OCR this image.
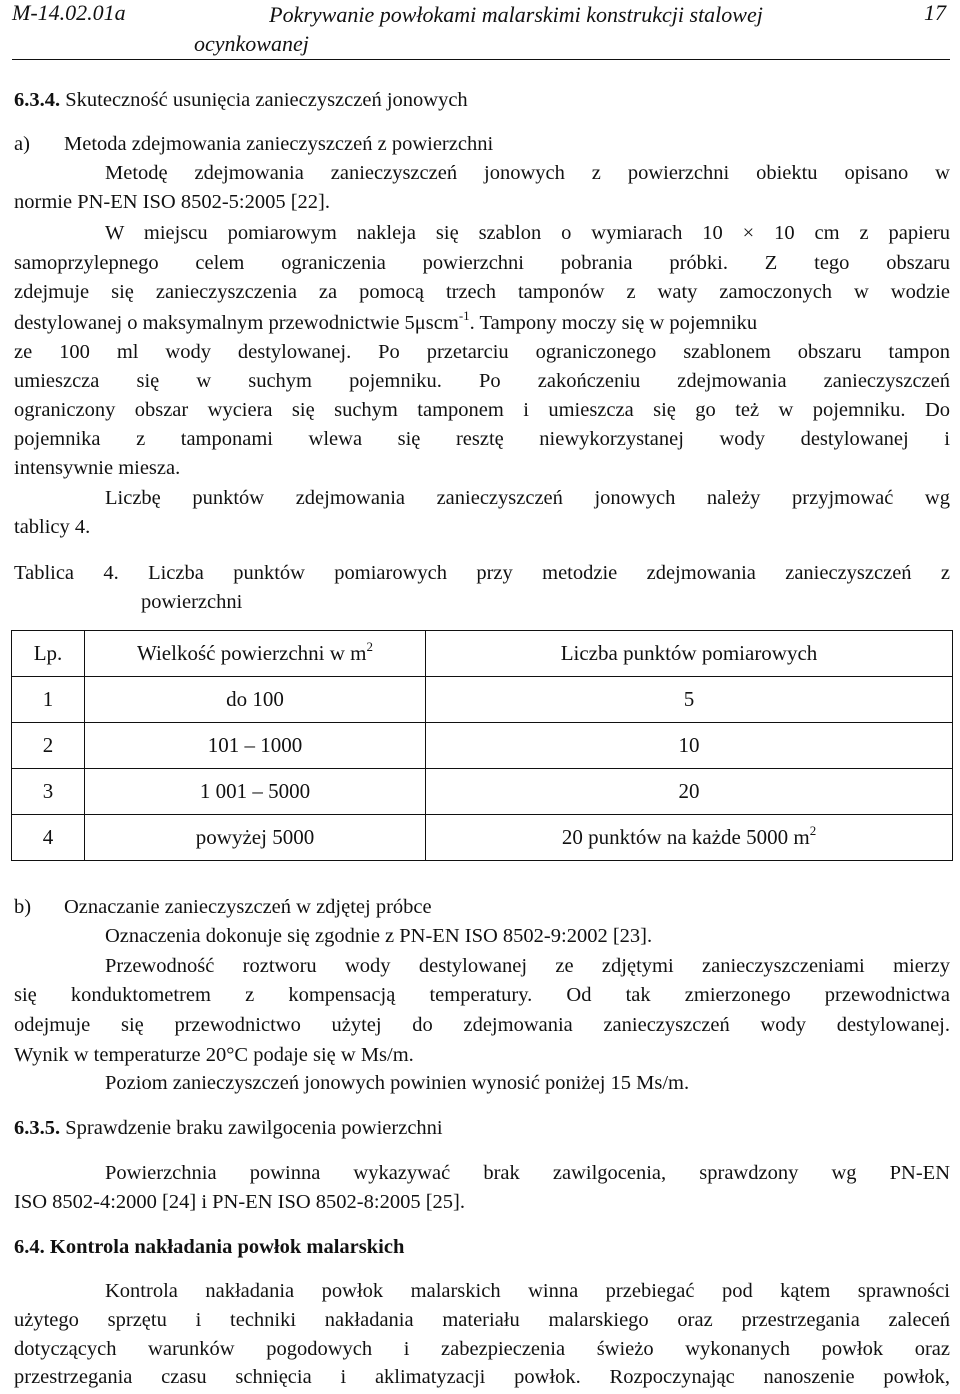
M-14.02.01a	Pokrywanie powłokami malarskimi konstrukcji stalowej
ocynkowanej
17
6.3.4. Skuteczność usunięcia zanieczyszczeń jonowych
a) Metoda zdejmowania zanieczyszczeń z powierzchni
Metodę zdejmowania zanieczyszczeń jonowych z powierzchni obiektu opisano w
normie PN-EN ISO 8502-5:2005 [22].
W miejscu pomiarowym nakleja się szablon o wymiarach 10 × 10 cm z papieru
samoprzylepnego celem ograniczenia powierzchni pobrania próbki. Z tego obszaru
zdejmuje się zanieczyszczenia za pomocą trzech tamponów z waty zamoczonych w wodzie
destylowanej o maksymalnym przewodnictwie 5μscm$^{-1}$. Tampony moczy się w pojemniku
ze 100 ml wody destylowanej. Po przetarciu ograniczonego szablonem obszaru tampon
umieszcza się w suchym pojemniku. Po zakończeniu zdejmowania zanieczyszczeń
ograniczony obszar wyciera się suchym tamponem i umieszcza się go też w pojemniku. Do
pojemnika z tamponami wlewa się resztę niewykorzystanej wody destylowanej i
intensywnie miesza.
Liczbę punktów zdejmowania zanieczyszczeń jonowych należy przyjmować wg
tablicy 4.
Tablica 4. Liczba punktów pomiarowych przy metodzie zdejmowania zanieczyszczeń z
powierzchni
Lp.	Wielkość powierzchni w $m^2$	Liczba punktów pomiarowych
1	do 100	5
2	101 – 1000	10
3	1 001 – 5000	20
4	powyżej 5000	20 punktów na każde 5000 $m^2$
b) Oznaczanie zanieczyszczeń w zdjętej próbce
Oznaczenia dokonuje się zgodnie z PN-EN ISO 8502-9:2002 [23].
Przewodność roztworu wody destylowanej ze zdjętymi zanieczyszczeniami mierzy
się konduktometrem z kompensacją temperatury. Od tak zmierzonego przewodnictwa
odejmuje się przewodnictwo użytej do zdejmowania zanieczyszczeń wody destylowanej.
Wynik w temperaturze 20°C podaje się w Ms/m.
Poziom zanieczyszczeń jonowych powinien wynosić poniżej 15 Ms/m.
6.3.5. Sprawdzenie braku zawilgocenia powierzchni
Powierzchnia powinna wykazywać brak zawilgocenia, sprawdzony wg PN-EN
ISO 8502-4:2000 [24] i PN-EN ISO 8502-8:2005 [25].
6.4. Kontrola nakładania powłok malarskich
Kontrola nakładania powłok malarskich winna przebiegać pod kątem sprawności
użytego sprzętu i techniki nakładania materiału malarskiego oraz przestrzegania zaleceń
dotyczących warunków pogodowych i zabezpieczenia świeżo wykonanych powłok oraz
przestrzegania czasu schnięcia i aklimatyzacji powłok. Rozpoczynając nanoszenie powłok,
